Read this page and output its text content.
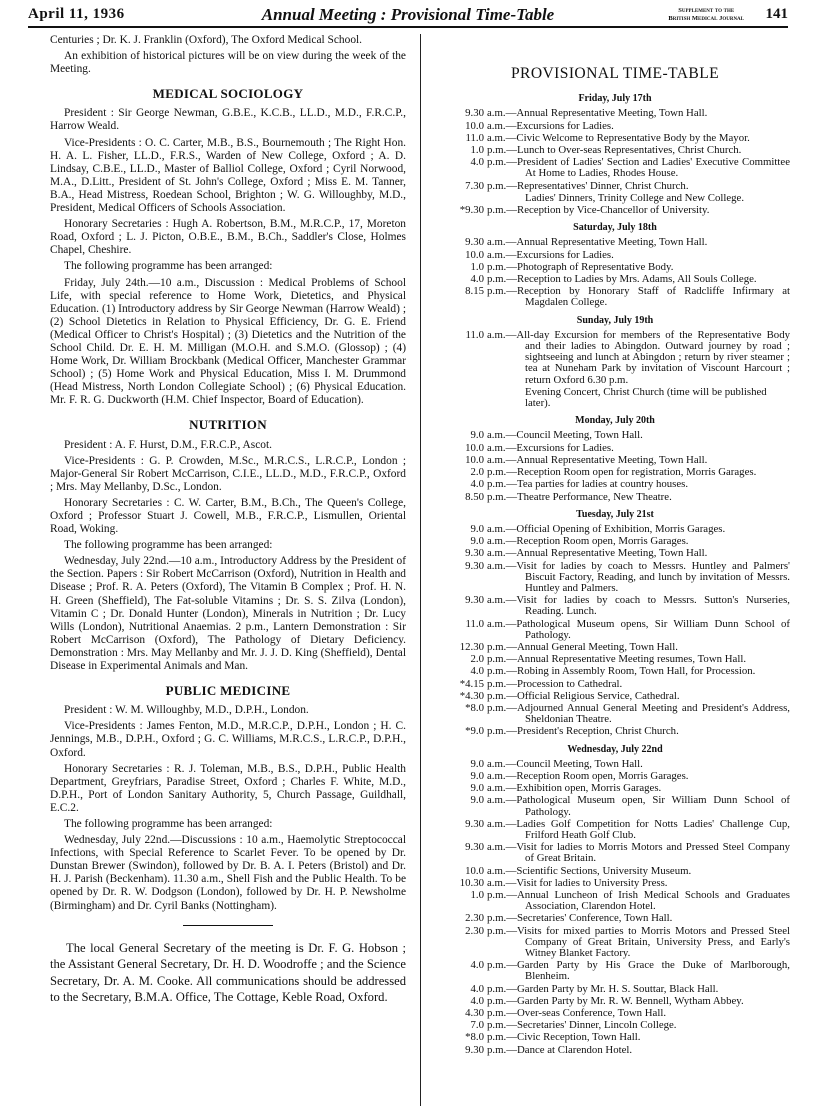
April 11, 1936	Annual Meeting : Provisional Time-Table	Supplement to the
British Medical Journal 141

Centuries ; Dr. K. J. Franklin (Oxford), The Oxford Medical School.

An exhibition of historical pictures will be on view during the week of the Meeting.

MEDICAL SOCIOLOGY

President : Sir George Newman, G.B.E., K.C.B., LL.D., M.D., F.R.C.P., Harrow Weald.

Vice-Presidents : O. C. Carter, M.B., B.S., Bournemouth ; The Right Hon. H. A. L. Fisher, LL.D., F.R.S., Warden of New College, Oxford ; A. D. Lindsay, C.B.E., LL.D., Master of Balliol College, Oxford ; Cyril Norwood, M.A., D.Litt., President of St. John's College, Oxford ; Miss E. M. Tanner, B.A., Head Mistress, Roedean School, Brighton ; W. G. Willoughby, M.D., President, Medical Officers of Schools Association.

Honorary Secretaries : Hugh A. Robertson, B.M., M.R.C.P., 17, Moreton Road, Oxford ; L. J. Picton, O.B.E., B.M., B.Ch., Saddler's Close, Holmes Chapel, Cheshire.

The following programme has been arranged:

Friday, July 24th.—10 a.m., Discussion : Medical Problems of School Life, with special reference to Home Work, Dietetics, and Physical Education. (1) Introductory address by Sir George Newman (Harrow Weald) ; (2) School Dietetics in Relation to Physical Efficiency, Dr. G. E. Friend (Medical Officer to Christ's Hospital) ; (3) Dietetics and the Nutrition of the School Child. Dr. E. H. M. Milligan (M.O.H. and S.M.O. (Glossop) ; (4) Home Work, Dr. William Brockbank (Medical Officer, Manchester Grammar School) ; (5) Home Work and Physical Education, Miss I. M. Drummond (Head Mistress, North London Collegiate School) ; (6) Physical Education. Mr. F. R. G. Duckworth (H.M. Chief Inspector, Board of Education).

NUTRITION

President : A. F. Hurst, D.M., F.R.C.P., Ascot.

Vice-Presidents : G. P. Crowden, M.Sc., M.R.C.S., L.R.C.P., London ; Major-General Sir Robert McCarrison, C.I.E., LL.D., M.D., F.R.C.P., Oxford ; Mrs. May Mellanby, D.Sc., London.

Honorary Secretaries : C. W. Carter, B.M., B.Ch., The Queen's College, Oxford ; Professor Stuart J. Cowell, M.B., F.R.C.P., Lismullen, Oriental Road, Woking.

The following programme has been arranged:

Wednesday, July 22nd.—10 a.m., Introductory Address by the President of the Section. Papers : Sir Robert McCarrison (Oxford), Nutrition in Health and Disease ; Prof. R. A. Peters (Oxford), The Vitamin B Complex ; Prof. H. N. H. Green (Sheffield), The Fat-soluble Vitamins ; Dr. S. S. Zilva (London), Vitamin C ; Dr. Donald Hunter (London), Minerals in Nutrition ; Dr. Lucy Wills (London), Nutritional Anaemias. 2 p.m., Lantern Demonstration : Sir Robert McCarrison (Oxford), The Pathology of Dietary Deficiency. Demonstration : Mrs. May Mellanby and Mr. J. J. D. King (Sheffield), Dental Disease in Experimental Animals and Man.

PUBLIC MEDICINE

President : W. M. Willoughby, M.D., D.P.H., London.

Vice-Presidents : James Fenton, M.D., M.R.C.P., D.P.H., London ; H. C. Jennings, M.B., D.P.H., Oxford ; G. C. Williams, M.R.C.S., L.R.C.P., D.P.H., Oxford.

Honorary Secretaries : R. J. Toleman, M.B., B.S., D.P.H., Public Health Department, Greyfriars, Paradise Street, Oxford ; Charles F. White, M.D., D.P.H., Port of London Sanitary Authority, 5, Church Passage, Guildhall, E.C.2.

The following programme has been arranged:

Wednesday, July 22nd.—Discussions : 10 a.m., Haemolytic Streptococcal Infections, with Special Reference to Scarlet Fever. To be opened by Dr. Dunstan Brewer (Swindon), followed by Dr. B. A. I. Peters (Bristol) and Dr. H. J. Parish (Beckenham). 11.30 a.m., Shell Fish and the Public Health. To be opened by Dr. R. W. Dodgson (London), followed by Dr. H. P. Newsholme (Birmingham) and Dr. Cyril Banks (Nottingham).

The local General Secretary of the meeting is Dr. F. G. Hobson ; the Assistant General Secretary, Dr. H. D. Woodroffe ; and the Science Secretary, Dr. A. M. Cooke. All communications should be addressed to the Secretary, B.M.A. Office, The Cottage, Keble Road, Oxford.

PROVISIONAL TIME-TABLE
Friday, July 17th
9.30 a.m.—Annual Representative Meeting, Town Hall.
10.0 a.m.—Excursions for Ladies.
11.0 a.m.—Civic Welcome to Representative Body by the Mayor.
1.0 p.m.—Lunch to Over-seas Representatives, Christ Church.
4.0 p.m.—President of Ladies' Section and Ladies' Executive Committee At Home to Ladies, Rhodes House.
7.30 p.m.—Representatives' Dinner, Christ Church.
Ladies' Dinners, Trinity College and New College.
*9.30 p.m.—Reception by Vice-Chancellor of University.
Saturday, July 18th
9.30 a.m.—Annual Representative Meeting, Town Hall.
10.0 a.m.—Excursions for Ladies.
1.0 p.m.—Photograph of Representative Body.
4.0 p.m.—Reception to Ladies by Mrs. Adams, All Souls College.
8.15 p.m.—Reception by Honorary Staff of Radcliffe Infirmary at Magdalen College.
Sunday, July 19th
11.0 a.m.—All-day Excursion for members of the Representative Body and their ladies to Abingdon. Outward journey by road ; sightseeing and lunch at Abingdon ; return by river steamer ; tea at Nuneham Park by invitation of Viscount Harcourt ; return Oxford 6.30 p.m.
Evening Concert, Christ Church (time will be published later).
Monday, July 20th
9.0 a.m.—Council Meeting, Town Hall.
10.0 a.m.—Excursions for Ladies.
10.0 a.m.—Annual Representative Meeting, Town Hall.
2.0 p.m.—Reception Room open for registration, Morris Garages.
4.0 p.m.—Tea parties for ladies at country houses.
8.50 p.m.—Theatre Performance, New Theatre.
Tuesday, July 21st
9.0 a.m.—Official Opening of Exhibition, Morris Garages.
9.0 a.m.—Reception Room open, Morris Garages.
9.30 a.m.—Annual Representative Meeting, Town Hall.
9.30 a.m.—Visit for ladies by coach to Messrs. Huntley and Palmers' Biscuit Factory, Reading, and lunch by invitation of Messrs. Huntley and Palmers.
9.30 a.m.—Visit for ladies by coach to Messrs. Sutton's Nurseries, Reading. Lunch.
11.0 a.m.—Pathological Museum opens, Sir William Dunn School of Pathology.
12.30 p.m.—Annual General Meeting, Town Hall.
2.0 p.m.—Annual Representative Meeting resumes, Town Hall.
4.0 p.m.—Robing in Assembly Room, Town Hall, for Procession.
*4.15 p.m.—Procession to Cathedral.
*4.30 p.m.—Official Religious Service, Cathedral.
*8.0 p.m.—Adjourned Annual General Meeting and President's Address, Sheldonian Theatre.
*9.0 p.m.—President's Reception, Christ Church.
Wednesday, July 22nd
9.0 a.m.—Council Meeting, Town Hall.
9.0 a.m.—Reception Room open, Morris Garages.
9.0 a.m.—Exhibition open, Morris Garages.
9.0 a.m.—Pathological Museum open, Sir William Dunn School of Pathology.
9.30 a.m.—Ladies Golf Competition for Notts Ladies' Challenge Cup, Frilford Heath Golf Club.
9.30 a.m.—Visit for ladies to Morris Motors and Pressed Steel Company of Great Britain.
10.0 a.m.—Scientific Sections, University Museum.
10.30 a.m.—Visit for ladies to University Press.
1.0 p.m.—Annual Luncheon of Irish Medical Schools and Graduates Association, Clarendon Hotel.
2.30 p.m.—Secretaries' Conference, Town Hall.
2.30 p.m.—Visits for mixed parties to Morris Motors and Pressed Steel Company of Great Britain, University Press, and Early's Witney Blanket Factory.
4.0 p.m.—Garden Party by His Grace the Duke of Marlborough, Blenheim.
4.0 p.m.—Garden Party by Mr. H. S. Souttar, Black Hall.
4.0 p.m.—Garden Party by Mr. R. W. Bennell, Wytham Abbey.
4.30 p.m.—Over-seas Conference, Town Hall.
7.0 p.m.—Secretaries' Dinner, Lincoln College.
*8.0 p.m.—Civic Reception, Town Hall.
9.30 p.m.—Dance at Clarendon Hotel.
